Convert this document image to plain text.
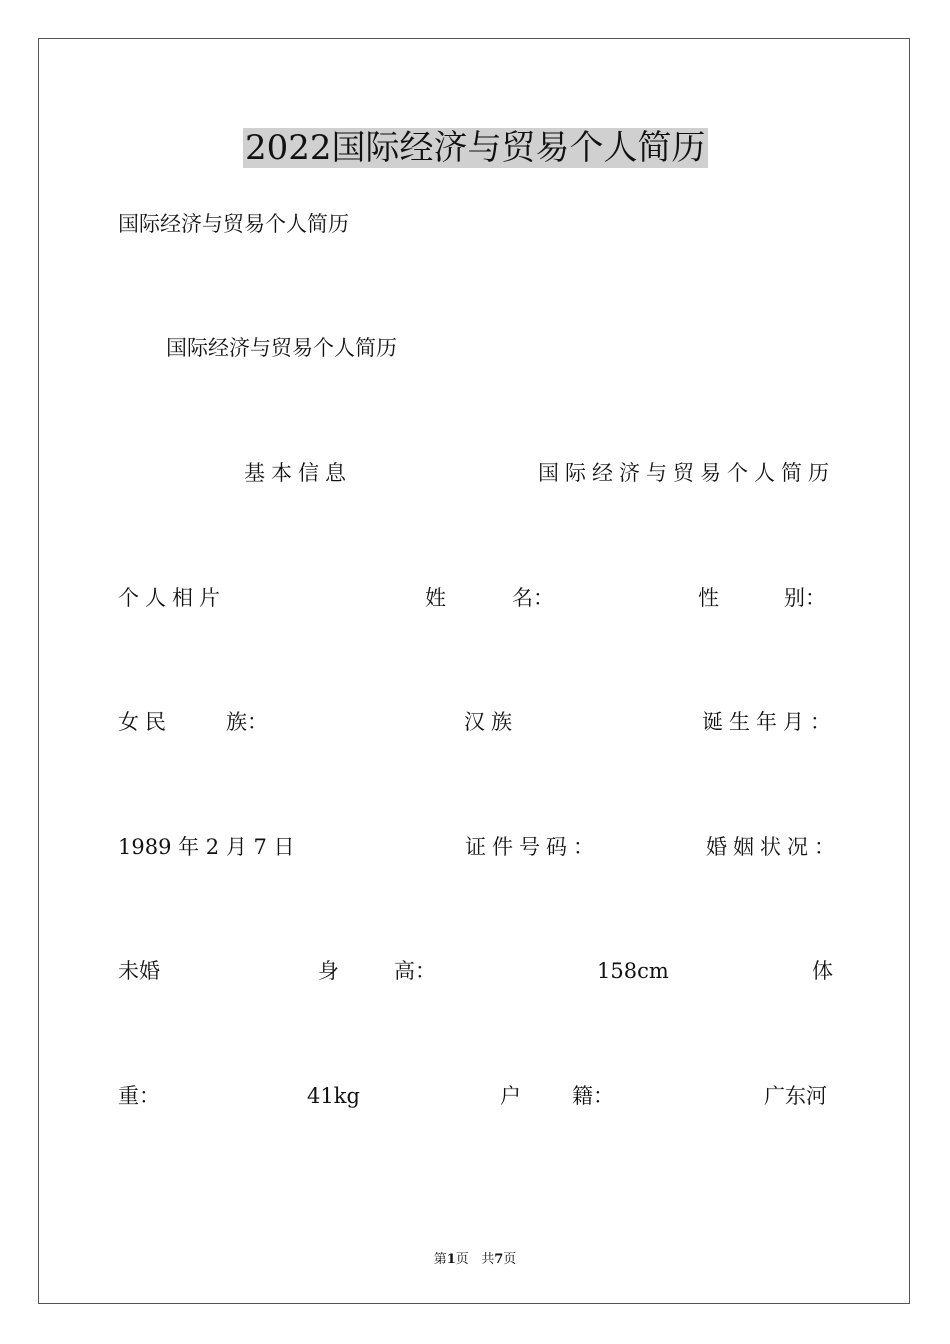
2022国际经济与贸易个人简历
国际经济与贸易个人简历
国际经济与贸易个人简历
基本信息	国际经济与贸易个人简历
个人相片	姓	名：	性	别：
女民	族：	汉族	诞生年月：
1989 年 2 月 7 日	证件号码：	婚姻状况：
未婚	身	高：	158cm	体
重：	41kg	户 籍：	广东河
第1页 共7页
